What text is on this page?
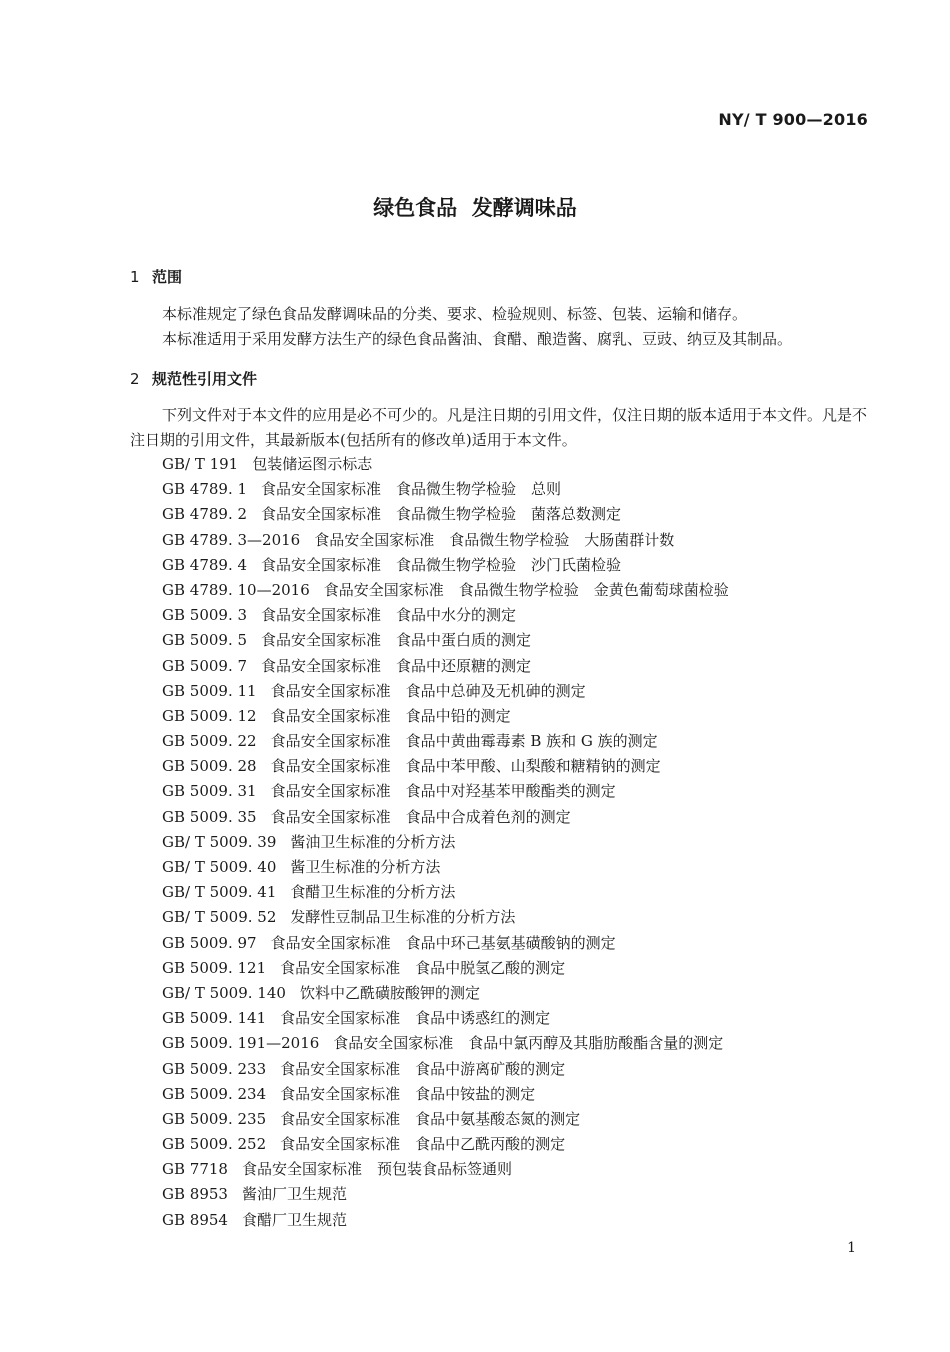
NY/ T 900—2016
绿色食品  发酵调味品
1 范围
本标准规定了绿色食品发酵调味品的分类、要求、检验规则、标签、包装、运输和储存。
本标准适用于采用发酵方法生产的绿色食品酱油、食醋、酿造酱、腐乳、豆豉、纳豆及其制品。
2 规范性引用文件
下列文件对于本文件的应用是必不可少的。凡是注日期的引用文件，仅注日期的版本适用于本文件。凡是不注日期的引用文件，其最新版本(包括所有的修改单)适用于本文件。
GB/ T 191 包装储运图示标志
GB 4789. 1 食品安全国家标准　食品微生物学检验　总则
GB 4789. 2 食品安全国家标准　食品微生物学检验　菌落总数测定
GB 4789. 3—2016 食品安全国家标准　食品微生物学检验　大肠菌群计数
GB 4789. 4 食品安全国家标准　食品微生物学检验　沙门氏菌检验
GB 4789. 10—2016 食品安全国家标准　食品微生物学检验　金黄色葡萄球菌检验
GB 5009. 3 食品安全国家标准　食品中水分的测定
GB 5009. 5 食品安全国家标准　食品中蛋白质的测定
GB 5009. 7 食品安全国家标准　食品中还原糖的测定
GB 5009. 11 食品安全国家标准　食品中总砷及无机砷的测定
GB 5009. 12 食品安全国家标准　食品中铅的测定
GB 5009. 22 食品安全国家标准　食品中黄曲霉毒素 B 族和 G 族的测定
GB 5009. 28 食品安全国家标准　食品中苯甲酸、山梨酸和糖精钠的测定
GB 5009. 31 食品安全国家标准　食品中对羟基苯甲酸酯类的测定
GB 5009. 35 食品安全国家标准　食品中合成着色剂的测定
GB/ T 5009. 39 酱油卫生标准的分析方法
GB/ T 5009. 40 酱卫生标准的分析方法
GB/ T 5009. 41 食醋卫生标准的分析方法
GB/ T 5009. 52 发酵性豆制品卫生标准的分析方法
GB 5009. 97 食品安全国家标准　食品中环己基氨基磺酸钠的测定
GB 5009. 121 食品安全国家标准　食品中脱氢乙酸的测定
GB/ T 5009. 140 饮料中乙酰磺胺酸钾的测定
GB 5009. 141 食品安全国家标准　食品中诱惑红的测定
GB 5009. 191—2016 食品安全国家标准　食品中氯丙醇及其脂肪酸酯含量的测定
GB 5009. 233 食品安全国家标准　食品中游离矿酸的测定
GB 5009. 234 食品安全国家标准　食品中铵盐的测定
GB 5009. 235 食品安全国家标准　食品中氨基酸态氮的测定
GB 5009. 252 食品安全国家标准　食品中乙酰丙酸的测定
GB 7718 食品安全国家标准　预包装食品标签通则
GB 8953 酱油厂卫生规范
GB 8954 食醋厂卫生规范
1
